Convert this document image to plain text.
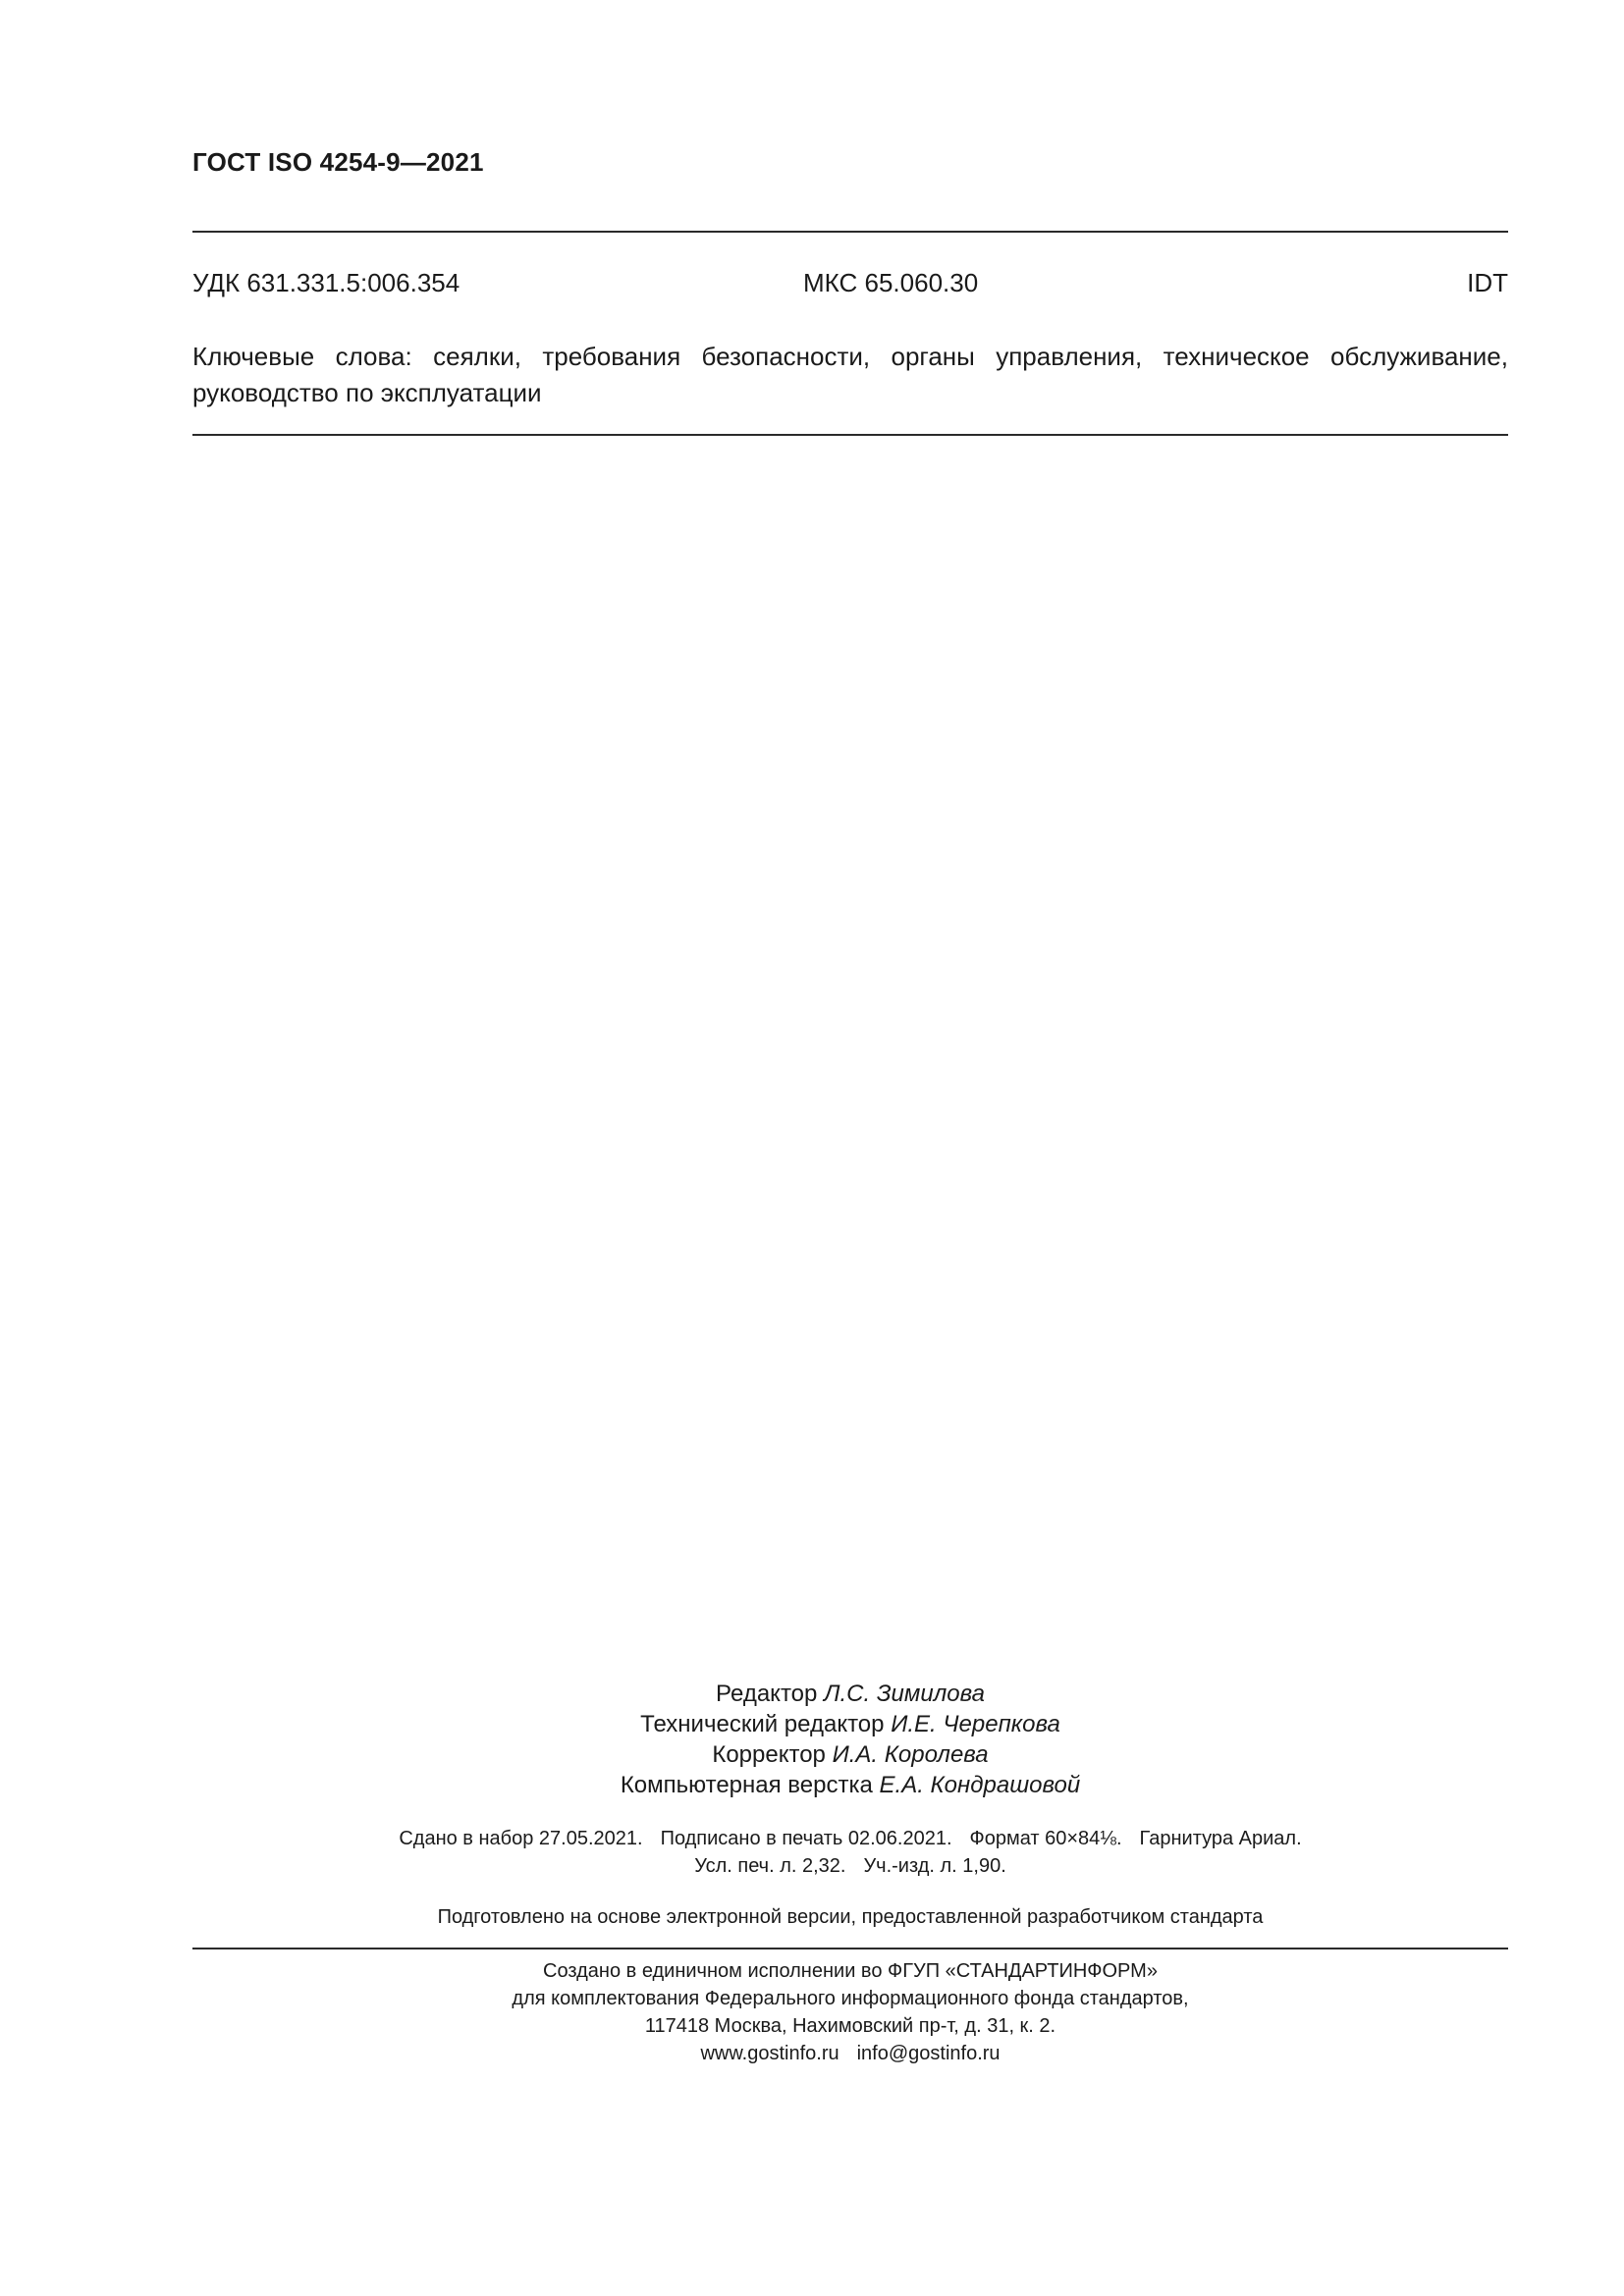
ГОСТ ISO 4254-9—2021
УДК 631.331.5:006.354	МКС 65.060.30	IDT
Ключевые слова: сеялки, требования безопасности, органы управления, техническое обслуживание, руководство по эксплуатации
Редактор Л.С. Зимилова
Технический редактор И.Е. Черепкова
Корректор И.А. Королева
Компьютерная верстка Е.А. Кондрашовой
Сдано в набор 27.05.2021. Подписано в печать 02.06.2021. Формат 60×84⅛. Гарнитура Ариал.
Усл. печ. л. 2,32. Уч.-изд. л. 1,90.
Подготовлено на основе электронной версии, предоставленной разработчиком стандарта
Создано в единичном исполнении во ФГУП «СТАНДАРТИНФОРМ»
для комплектования Федерального информационного фонда стандартов,
117418 Москва, Нахимовский пр-т, д. 31, к. 2.
www.gostinfo.ru info@gostinfo.ru
